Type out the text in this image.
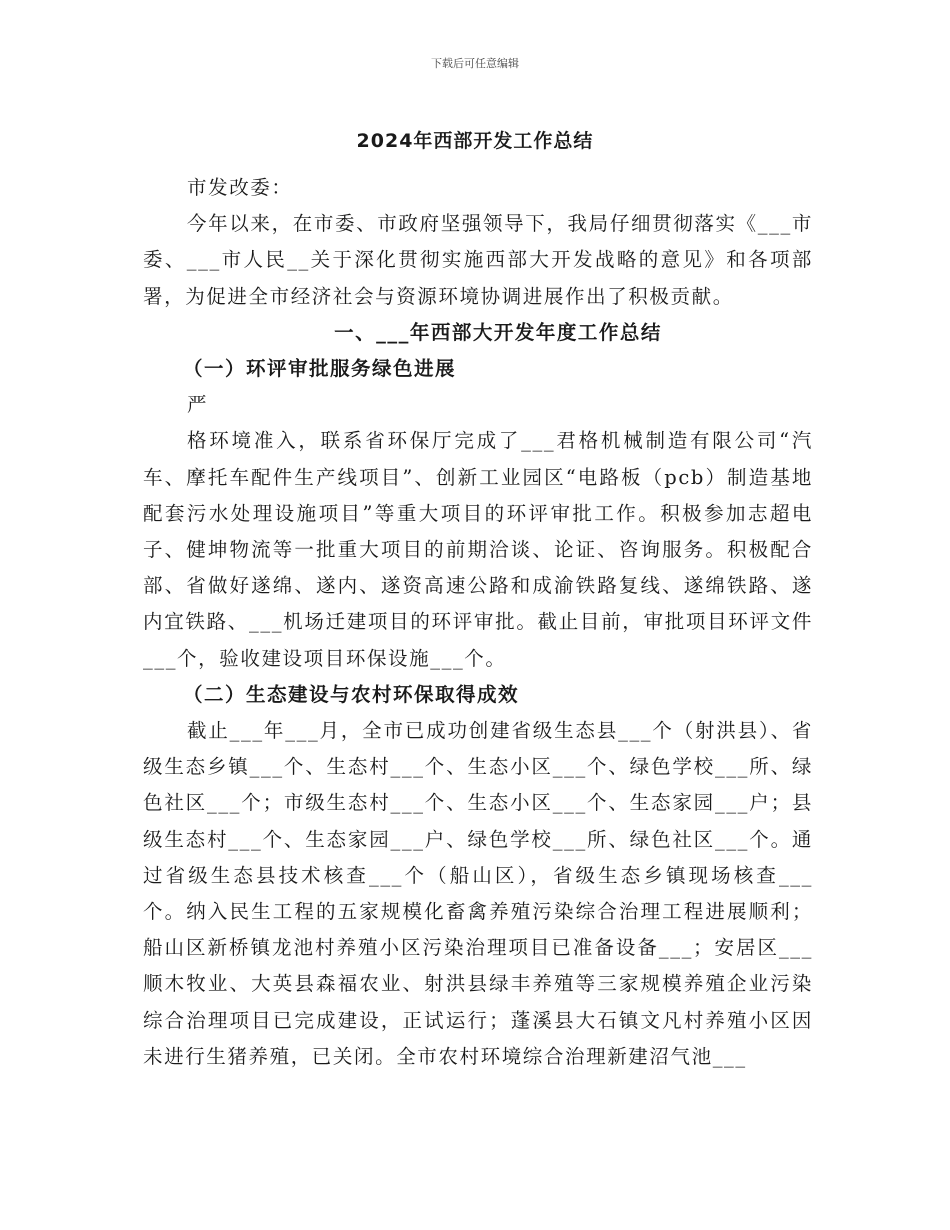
下载后可任意编辑
2024年西部开发工作总结

市发改委：

今年以来，在市委、市政府坚强领导下，我局仔细贯彻落实《___市委、___市人民__关于深化贯彻实施西部大开发战略的意见》和各项部署，为促进全市经济社会与资源环境协调进展作出了积极贡献。

一、___年西部大开发年度工作总结

（一）环评审批服务绿色进展

严

格环境准入，联系省环保厅完成了___君格机械制造有限公司“汽车、摩托车配件生产线项目”、创新工业园区“电路板（pcb）制造基地配套污水处理设施项目”等重大项目的环评审批工作。积极参加志超电子、健坤物流等一批重大项目的前期洽谈、论证、咨询服务。积极配合部、省做好遂绵、遂内、遂资高速公路和成渝铁路复线、遂绵铁路、遂内宜铁路、___机场迁建项目的环评审批。截止目前，审批项目环评文件___个，验收建设项目环保设施___个。

（二）生态建设与农村环保取得成效

截止___年___月，全市已成功创建省级生态县___个（射洪县）、省级生态乡镇___个、生态村___个、生态小区___个、绿色学校___所、绿色社区___个；市级生态村___个、生态小区___个、生态家园___户；县级生态村___个、生态家园___户、绿色学校___所、绿色社区___个。通过省级生态县技术核查___个（船山区），省级生态乡镇现场核查___个。纳入民生工程的五家规模化畜禽养殖污染综合治理工程进展顺利；船山区新桥镇龙池村养殖小区污染治理项目已准备设备___；安居区___顺木牧业、大英县森福农业、射洪县绿丰养殖等三家规模养殖企业污染综合治理项目已完成建设，正试运行；蓬溪县大石镇文凡村养殖小区因未进行生猪养殖，已关闭。全市农村环境综合治理新建沼气池___
